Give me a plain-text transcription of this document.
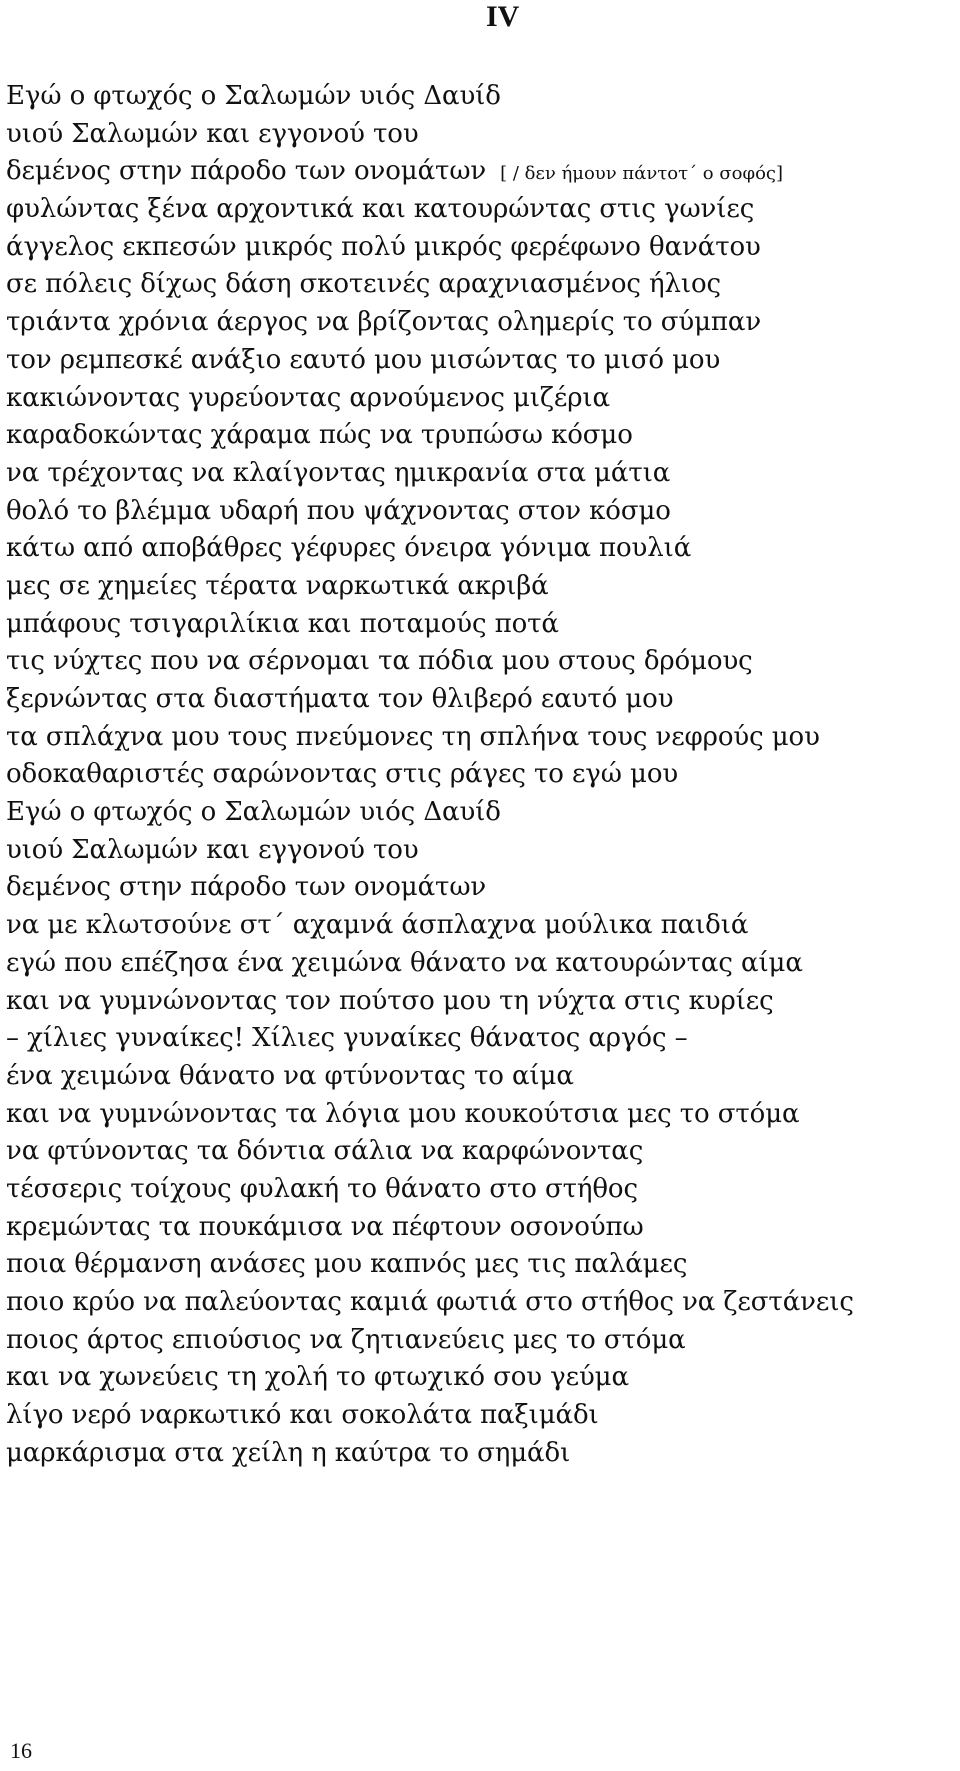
IV
Εγώ ο φτωχός ο Σαλωμών υιός Δαυίδ
υιού Σαλωμών και εγγονού του
δεμένος στην πάροδο των ονομάτων [ / δεν ήμουν πάντοτ΄ ο σοφός]
φυλώντας ξένα αρχοντικά και κατουρώντας στις γωνίες
άγγελος εκπεσών μικρός πολύ μικρός φερέφωνο θανάτου
σε πόλεις δίχως δάση σκοτεινές αραχνιασμένος ήλιος
τριάντα χρόνια άεργος να βρίζοντας ολημερίς το σύμπαν
τον ρεμπεσκέ ανάξιο εαυτό μου μισώντας το μισό μου
κακιώνοντας γυρεύοντας αρνούμενος μιζέρια
καραδοκώντας χάραμα πώς να τρυπώσω κόσμο
να τρέχοντας να κλαίγοντας ημικρανία στα μάτια
θολό το βλέμμα υδαρή που ψάχνοντας στον κόσμο
κάτω από αποβάθρες γέφυρες όνειρα γόνιμα πουλιά
μες σε χημείες τέρατα ναρκωτικά ακριβά
μπάφους τσιγαριλίκια και ποταμούς ποτά
τις νύχτες που να σέρνομαι τα πόδια μου στους δρόμους
ξερνώντας στα διαστήματα τον θλιβερό εαυτό μου
τα σπλάχνα μου τους πνεύμονες τη σπλήνα τους νεφρούς μου
οδοκαθαριστές σαρώνοντας στις ράγες το εγώ μου
Εγώ ο φτωχός ο Σαλωμών υιός Δαυίδ
υιού Σαλωμών και εγγονού του
δεμένος στην πάροδο των ονομάτων
να με κλωτσούνε στ΄ αχαμνά άσπλαχνα μούλικα παιδιά
εγώ που επέζησα ένα χειμώνα θάνατο να κατουρώντας αίμα
και να γυμνώνοντας τον πούτσο μου τη νύχτα στις κυρίες
– χίλιες γυναίκες! Χίλιες γυναίκες θάνατος αργός –
ένα χειμώνα θάνατο να φτύνοντας το αίμα
και να γυμνώνοντας τα λόγια μου κουκούτσια μες το στόμα
να φτύνοντας τα δόντια σάλια να καρφώνοντας
τέσσερις τοίχους φυλακή το θάνατο στο στήθος
κρεμώντας τα πουκάμισα να πέφτουν οσονούπω
ποια θέρμανση ανάσες μου καπνός μες τις παλάμες
ποιο κρύο να παλεύοντας καμιά φωτιά στο στήθος να ζεστάνεις
ποιος άρτος επιούσιος να ζητιανεύεις μες το στόμα
και να χωνεύεις τη χολή το φτωχικό σου γεύμα
λίγο νερό ναρκωτικό και σοκολάτα παξιμάδι
μαρκάρισμα στα χείλη η καύτρα το σημάδι
16
